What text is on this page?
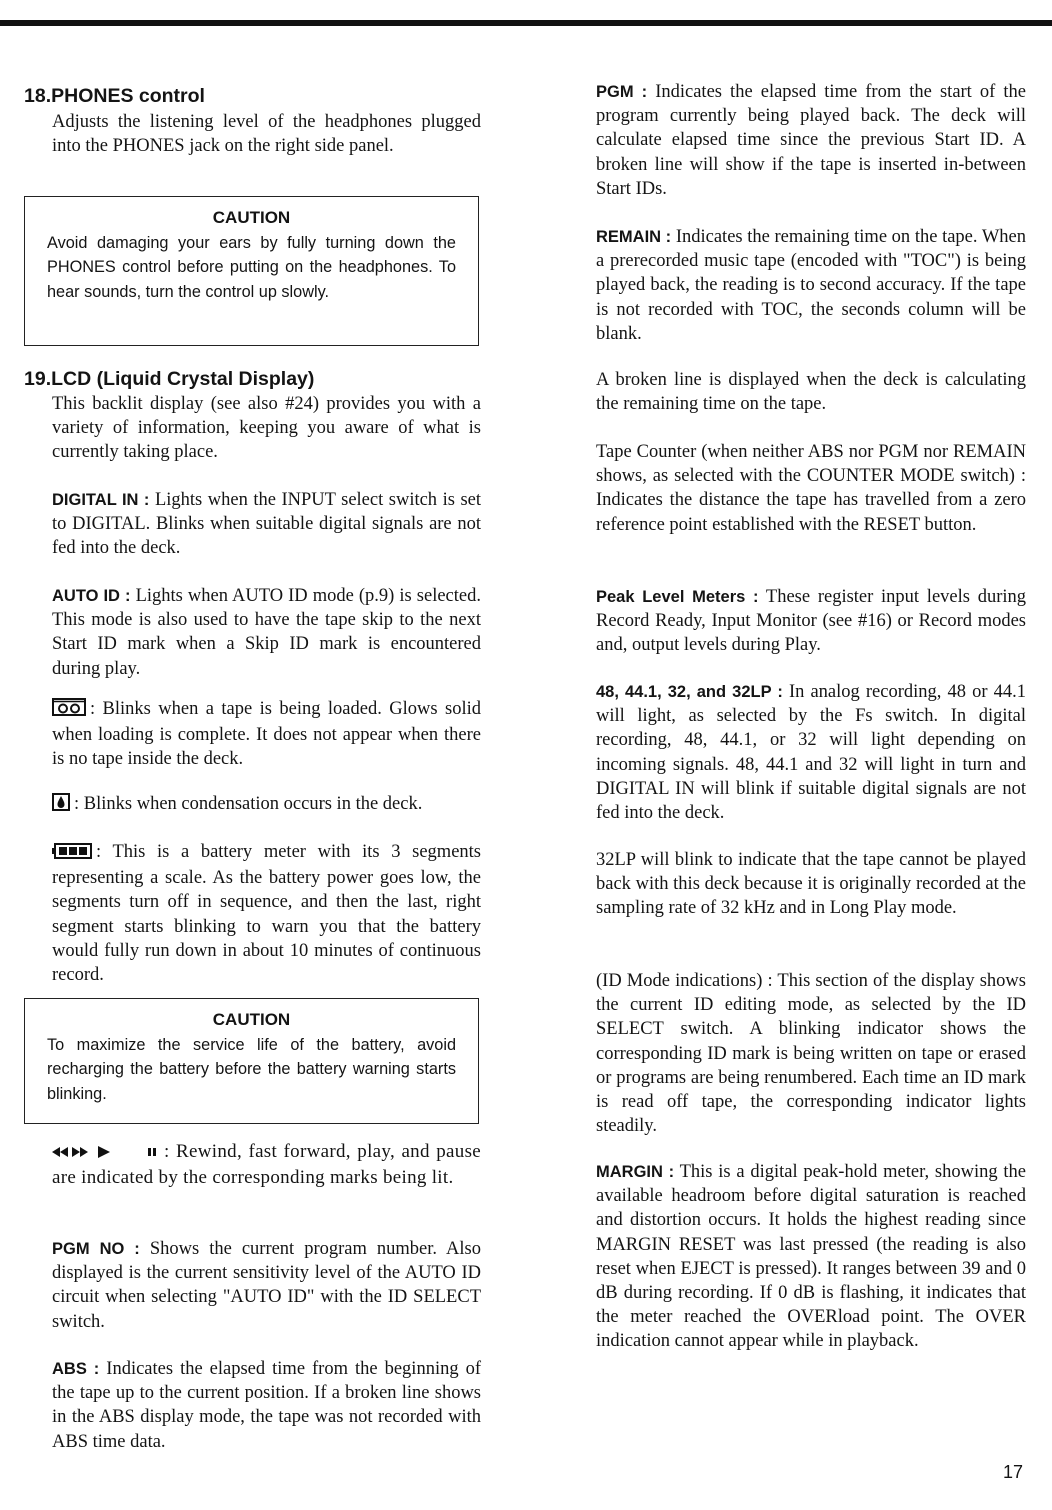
18.PHONES control
Adjusts the listening level of the headphones plugged into the PHONES jack on the right side panel.
CAUTION
Avoid damaging your ears by fully turning down the PHONES control before putting on the headphones. To hear sounds, turn the control up slowly.
19.LCD (Liquid Crystal Display)
This backlit display (see also #24) provides you with a variety of information, keeping you aware of what is currently taking place.
DIGITAL IN : Lights when the INPUT select switch is set to DIGITAL. Blinks when suitable digital signals are not fed into the deck.
AUTO ID : Lights when AUTO ID mode (p.9) is selected. This mode is also used to have the tape skip to the next Start ID mark when a Skip ID mark is encountered during play.
: Blinks when a tape is being loaded. Glows solid when loading is complete. It does not appear when there is no tape inside the deck.
: Blinks when condensation occurs in the deck.
: This is a battery meter with its 3 segments representing a scale. As the battery power goes low, the segments turn off in sequence, and then the last, right segment starts blinking to warn you that the battery would fully run down in about 10 minutes of continuous record.
CAUTION
To maximize the service life of the battery, avoid recharging the battery before the battery warning starts blinking.
: Rewind, fast forward, play, and pause are indicated by the corresponding marks being lit.
PGM NO : Shows the current program number. Also displayed is the current sensitivity level of the AUTO ID circuit when selecting "AUTO ID" with the ID SELECT switch.
ABS : Indicates the elapsed time from the beginning of the tape up to the current position. If a broken line shows in the ABS display mode, the tape was not recorded with ABS time data.
PGM : Indicates the elapsed time from the start of the program currently being played back. The deck will calculate elapsed time since the previous Start ID. A broken line will show if the tape is inserted in-between Start IDs.
REMAIN : Indicates the remaining time on the tape. When a prerecorded music tape (encoded with "TOC") is being played back, the reading is to second accuracy. If the tape is not recorded with TOC, the seconds column will be blank.
A broken line is displayed when the deck is calculating the remaining time on the tape.
Tape Counter (when neither ABS nor PGM nor REMAIN shows, as selected with the COUNTER MODE switch) : Indicates the distance the tape has travelled from a zero reference point established with the RESET button.
Peak Level Meters : These register input levels during Record Ready, Input Monitor (see #16) or Record modes and, output levels during Play.
48, 44.1, 32, and 32LP : In analog recording, 48 or 44.1 will light, as selected by the Fs switch. In digital recording, 48, 44.1, or 32 will light depending on incoming signals. 48, 44.1 and 32 will light in turn and DIGITAL IN will blink if suitable digital signals are not fed into the deck.
32LP will blink to indicate that the tape cannot be played back with this deck because it is originally recorded at the sampling rate of 32 kHz and in Long Play mode.
(ID Mode indications) : This section of the display shows the current ID editing mode, as selected by the ID SELECT switch. A blinking indicator shows the corresponding ID mark is being written on tape or erased or programs are being renumbered. Each time an ID mark is read off tape, the corresponding indicator lights steadily.
MARGIN : This is a digital peak-hold meter, showing the available headroom before digital saturation is reached and distortion occurs. It holds the highest reading since MARGIN RESET was last pressed (the reading is also reset when EJECT is pressed). It ranges between 39 and 0 dB during recording. If 0 dB is flashing, it indicates that the meter reached the OVERload point. The OVER indication cannot appear while in playback.
17
